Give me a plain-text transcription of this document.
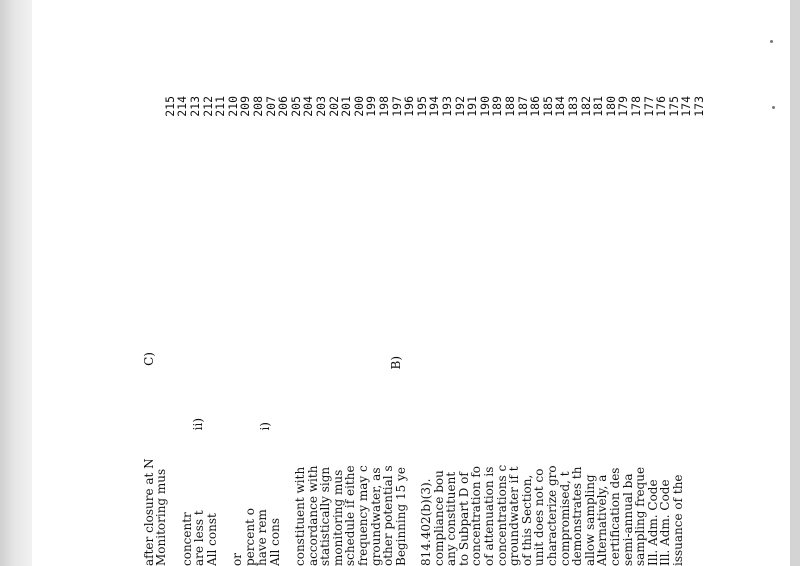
173
174
175
176
177
178
179
180
181
182
183
184
185
186
187
188
189
190
191
192
193
194
195
196
197
198
199
200
201
202
203
204
205
206
207
208
209
210
211
212
213
214
215
issuance of the
Ill. Adm. Code
Ill. Adm. Code
sampling freque
semi-annual ba
certification des
Alternatively, a
allow sampling
demonstrates th
compromised, t
characterize gro
unit does not co
of this Section,
groundwater if t
concentrations c
of attenuation is
concentration fo
to Subpart D of
any constituent
compliance bou
814.402(b)(3).
Beginning 15 ye
other potential s
groundwater, as
frequency may c
schedule if eithe
monitoring mus
statistically sign
accordance with
constituent with
All cons
have rem
percent o
or
All const
are less t
concentr
Monitoring mus
after closure at N
B)
C)
i)
ii)
